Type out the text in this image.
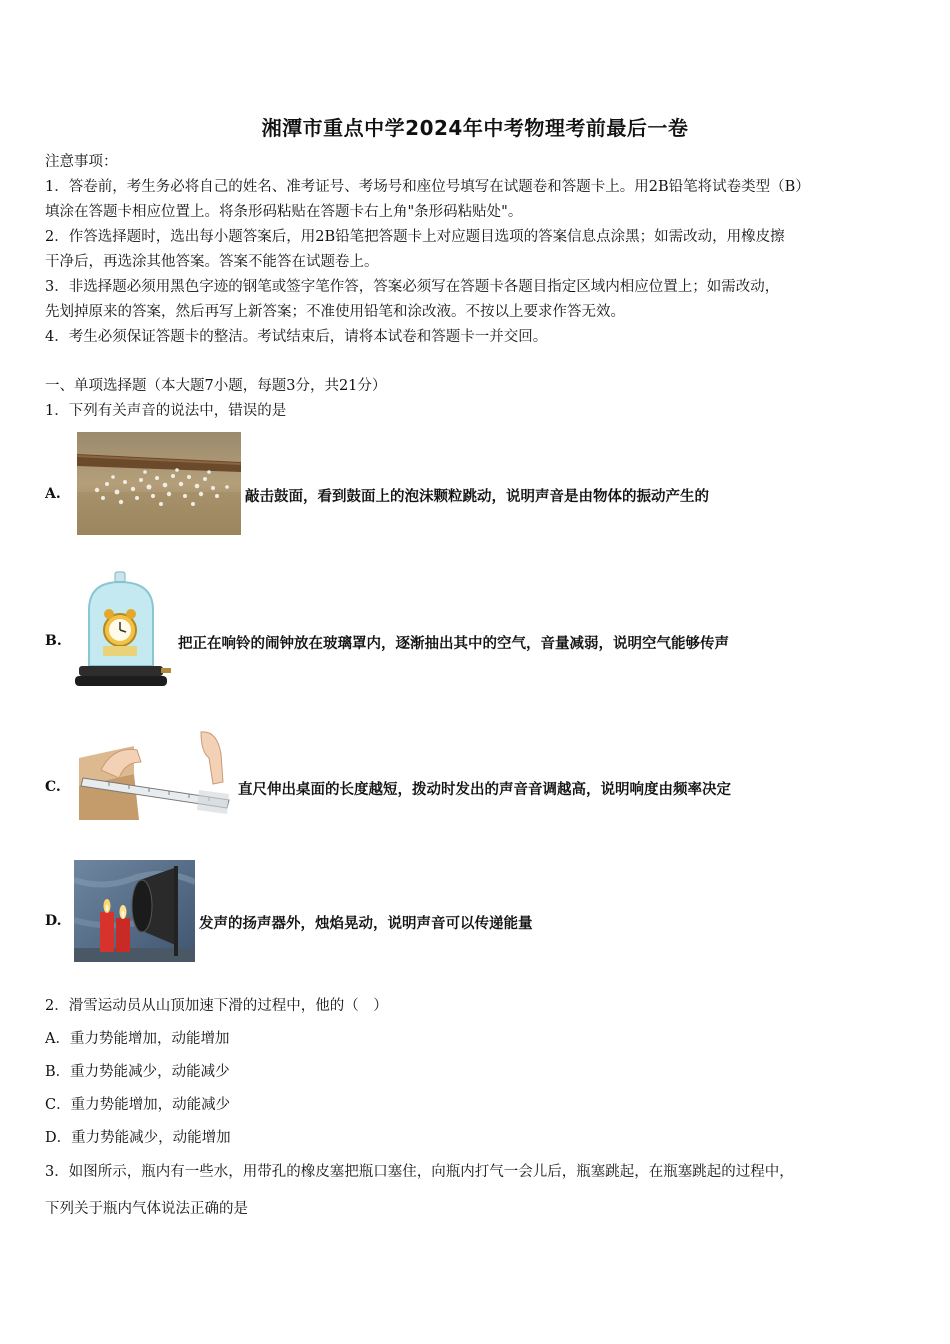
湘潭市重点中学2024年中考物理考前最后一卷
注意事项：
1．答卷前，考生务必将自己的姓名、准考证号、考场号和座位号填写在试题卷和答题卡上。用2B铅笔将试卷类型（B）
填涂在答题卡相应位置上。将条形码粘贴在答题卡右上角"条形码粘贴处"。
2．作答选择题时，选出每小题答案后，用2B铅笔把答题卡上对应题目选项的答案信息点涂黑；如需改动，用橡皮擦
干净后，再选涂其他答案。答案不能答在试题卷上。
3．非选择题必须用黑色字迹的钢笔或签字笔作答，答案必须写在答题卡各题目指定区域内相应位置上；如需改动，
先划掉原来的答案，然后再写上新答案；不准使用铅笔和涂改液。不按以上要求作答无效。
4．考生必须保证答题卡的整洁。考试结束后，请将本试卷和答题卡一并交回。
一、单项选择题（本大题7小题，每题3分，共21分）
1．下列有关声音的说法中，错误的是
A.	敲击鼓面，看到鼓面上的泡沫颗粒跳动，说明声音是由物体的振动产生的
B.	把正在响铃的闹钟放在玻璃罩内，逐渐抽出其中的空气，音量减弱，说明空气能够传声
C.	直尺伸出桌面的长度越短，拨动时发出的声音音调越高，说明响度由频率决定
D.	发声的扬声器外，烛焰晃动，说明声音可以传递能量
2．滑雪运动员从山顶加速下滑的过程中，他的（　）
A．重力势能增加，动能增加
B．重力势能减少，动能减少
C．重力势能增加，动能减少
D．重力势能减少，动能增加
3．如图所示，瓶内有一些水，用带孔的橡皮塞把瓶口塞住，向瓶内打气一会儿后，瓶塞跳起，在瓶塞跳起的过程中，
下列关于瓶内气体说法正确的是
